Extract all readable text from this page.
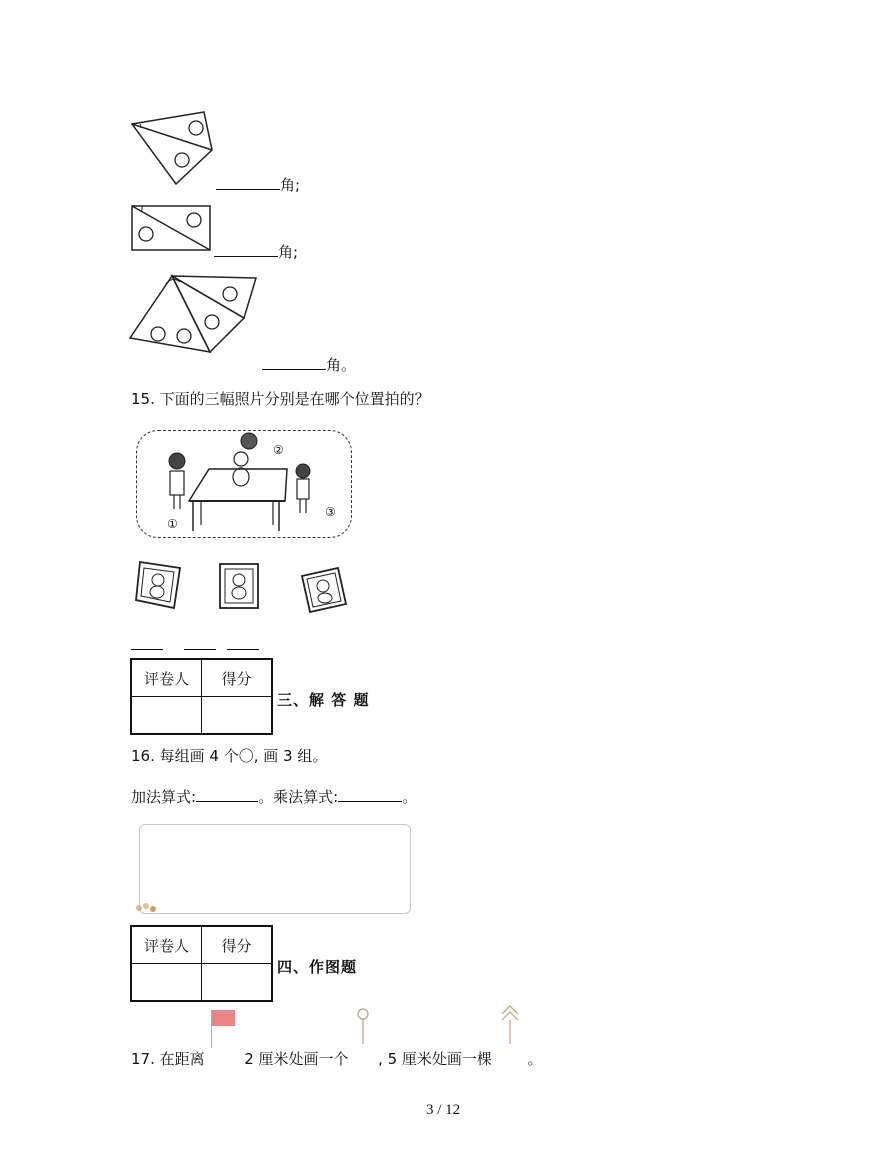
角;
角;
角。
15. 下面的三幅照片分别是在哪个位置拍的？
①
②
③
评卷人	得分

三、解 答 题
16. 每组画 4 个〇, 画 3 组。
加法算式:	。乘法算式:	。
评卷人	得分

四、作图题
17. 在距离	2 厘米处画一个 , 5 厘米处画一棵 。
3 / 12
